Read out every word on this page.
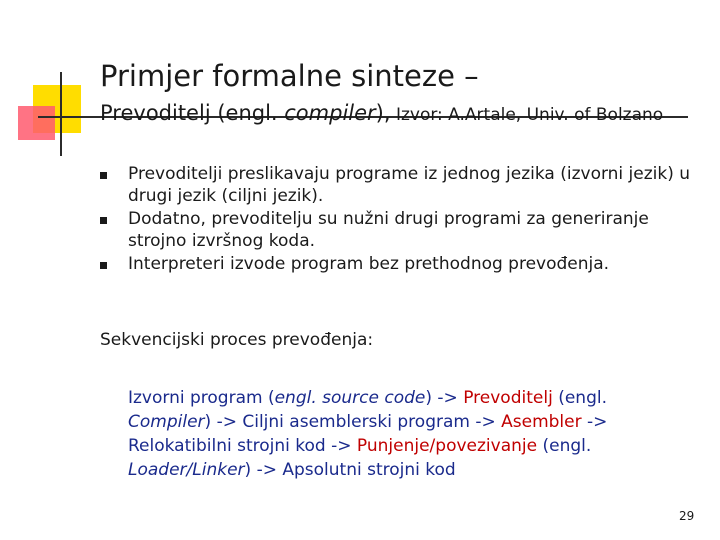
Primjer formalne sinteze –
Prevoditelj (engl. compiler), Izvor: A.Artale, Univ. of Bolzano
Prevoditelji preslikavaju programe iz jednog jezika (izvorni jezik) u drugi jezik (ciljni jezik).
Dodatno, prevoditelju su nužni drugi programi za generiranje strojno izvršnog koda.
Interpreteri izvode program bez prethodnog prevođenja.
Sekvencijski proces prevođenja:
Izvorni program (engl. source code) -> Prevoditelj (engl. Compiler) -> Ciljni asemblerski program -> Asembler -> Relokatibilni strojni kod -> Punjenje/povezivanje (engl. Loader/Linker) -> Apsolutni strojni kod
29
